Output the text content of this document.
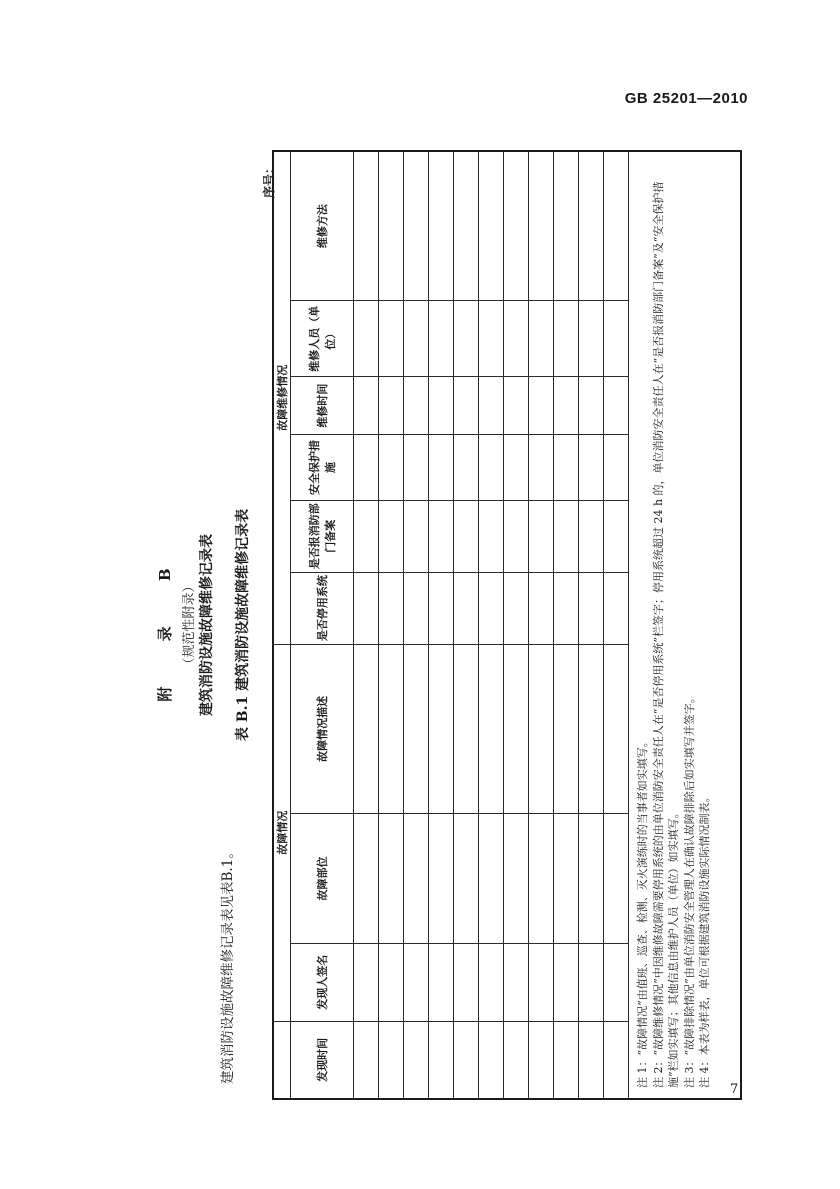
GB 25201—2010
附 录 B （规范性附录） 建筑消防设施故障维修记录表
建筑消防设施故障维修记录表见表B.1。
表 B.1 建筑消防设施故障维修记录表
序号：
	故障情况			故障维修情况					
发现时间	发现人签名	故障部位	故障情况描述	是否停用系统	是否报消防部门备案	安全保护措施	维修时间	维修人员（单位）	维修方法

注 1：“故障情况”由值班、巡查、检测、灭火演练时的当事者如实填写。 注 2：“故障维修情况”中因维修故障需要停用系统的由单位消防安全责任人在“是否停用系统”栏签字；停用系统超过 24 h 的，单位消防安全责任人在“是否报消防部门备案”及“安全保护措施”栏如实填写；其他信息由维护人员（单位）如实填写。 注 3：“故障排除情况”由单位消防安全管理人在确认故障排除后如实填写并签字。 注 4：本表为样表，单位可根据建筑消防设施实际情况制表。									

7
